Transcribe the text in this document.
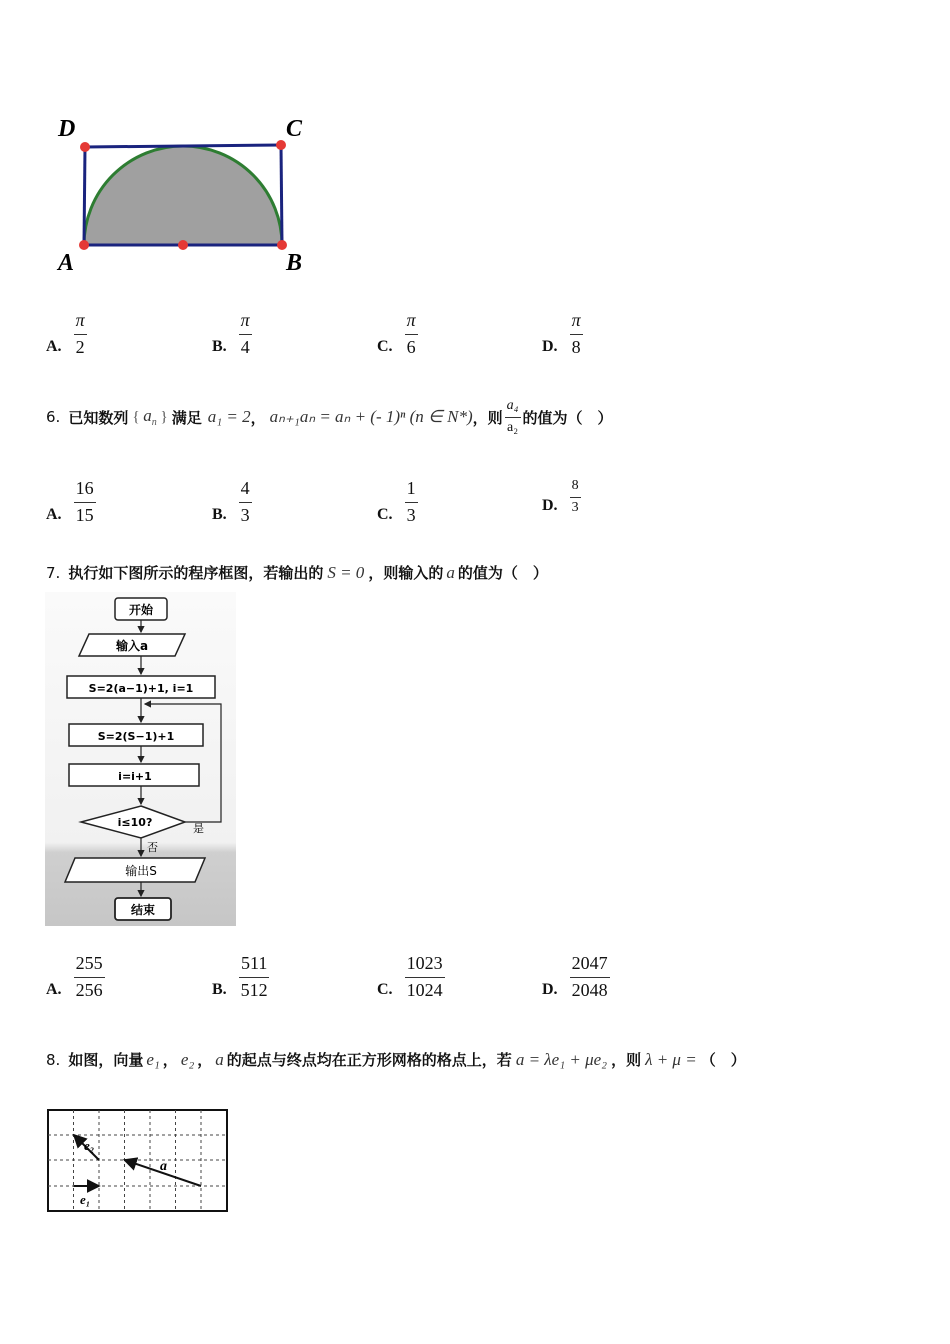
D	C
A	B
A. $\frac{\pi}{2}$	B. $\frac{\pi}{4}$	C. $\frac{\pi}{6}$	D. $\frac{\pi}{8}$
6. 已知数列 { $a_n$ } 满足 a₁ = 2 ， aₙ₊₁aₙ = aₙ + (- 1)ⁿ (n ∈ N*) ，则 $\frac{\text{a₄}}{\text{a₂}}$ 的值为（　）
A. $\frac{16}{15}$	B. $\frac{4}{3}$	C. $\frac{1}{3}$	D. $\frac{8}{3}$
7. 执行如下图所示的程序框图，若输出的 S = 0 ，则输入的 a 的值为（　）
开始
输入a
S=2(a−1)+1, i=1
S=2(S−1)+1
i=i+1
i≤10?	是
否
输出S
结束
A. $\frac{255}{256}$	B. $\frac{511}{512}$	C. $\frac{1023}{1024}$	D. $\frac{2047}{2048}$
8. 如图，向量 e₁ ， e₂ ， a 的起点与终点均在正方形网格的格点上，若 a = λe₁ + μe₂ ，则 λ + μ = （　）
e₂
a
e₁
